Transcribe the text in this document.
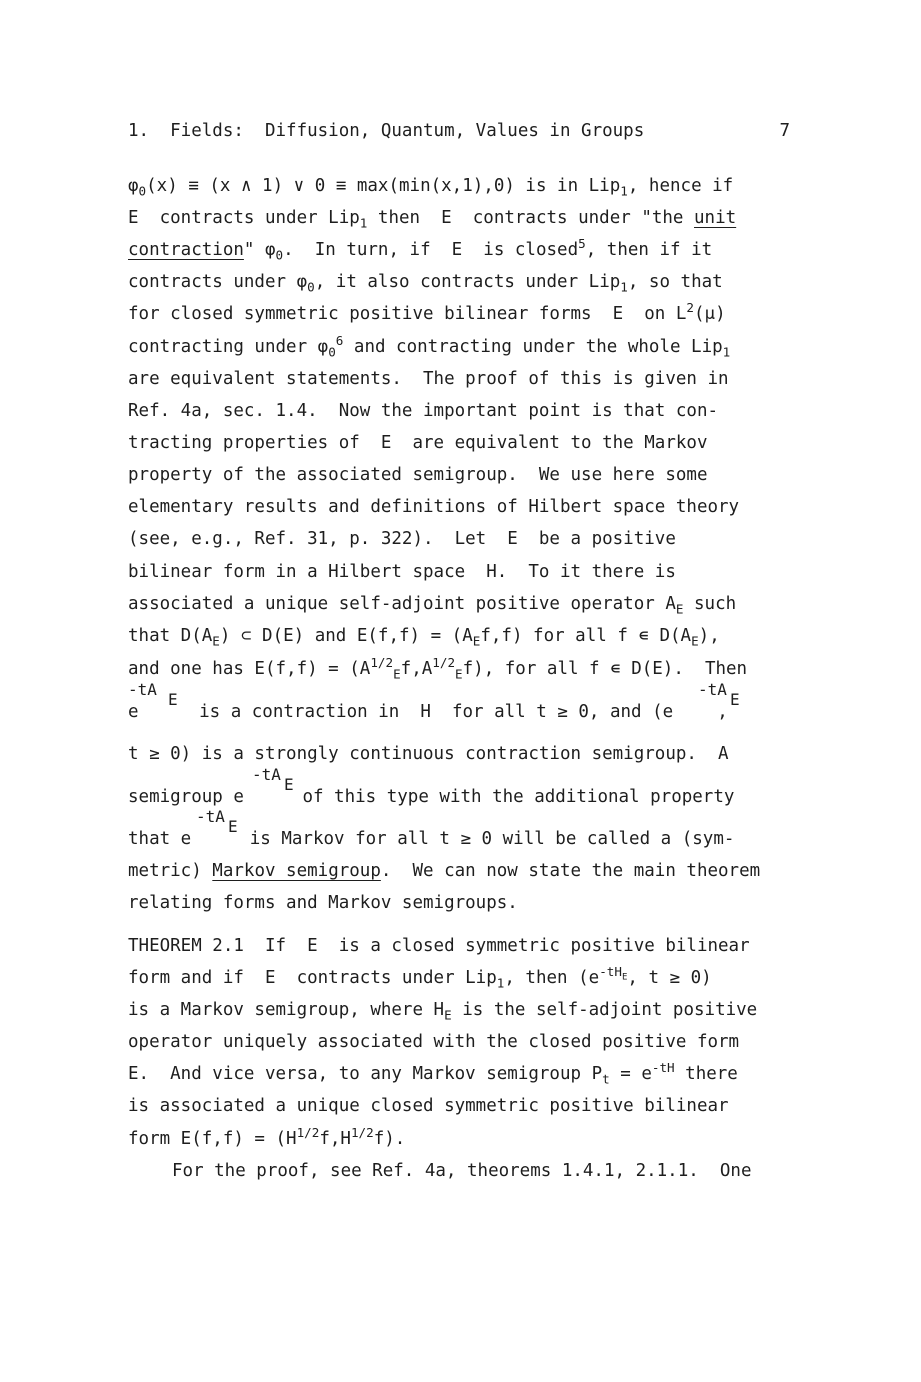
1.  Fields:  Diffusion, Quantum, Values in Groups	7
$\varphi_0(x) \equiv (x$ ∧ 1) ∨ 0 ≡ max(min(x,1),0) is in Lip$_1$, hence if
E  contracts under Lip$_1$ then  E  contracts under "the unit
contraction" $\varphi_0$.  In turn, if  E  is closed$^5$, then if it
contracts under $\varphi_0$, it also contracts under Lip$_1$, so that
for closed symmetric positive bilinear forms  E  on $L^2(\mu)$
contracting under $\varphi_0^6$ and contracting under the whole Lip$_1$
are equivalent statements.  The proof of this is given in
Ref. 4a, sec. 1.4.  Now the important point is that con-
tracting properties of  E  are equivalent to the Markov
property of the associated semigroup.  We use here some
elementary results and definitions of Hilbert space theory
(see, e.g., Ref. 31, p. 322).  Let  E  be a positive
bilinear form in a Hilbert space  H.  To it there is
associated a unique self-adjoint positive operator $A_E$ such
that $D(A_E)$ ⊂ D(E) and $E(f,f) = (A_Ef,f)$ for all f ∊ $D(A_E)$,
and one has $E(f,f) = (A^{1/2}_Ef,A^{1/2}_Ef)$, for all f ∊ D(E).  Then

-tA

E

-tA

E

e	is a contraction in  H  for all t ≥ 0, and (e	,
t ≥ 0) is a strongly continuous contraction semigroup.  A

-tA

E

semigroup e	of this type with the additional property

-tA

E

that e	is Markov for all t ≥ 0 will be called a (sym-
metric) Markov semigroup.  We can now state the main theorem
relating forms and Markov semigroups.
THEOREM 2.1  If  E  is a closed symmetric positive bilinear
form and if  E  contracts under Lip$_1$, then ($e^{-tH_E}$, t ≥ 0)
is a Markov semigroup, where $H_E$ is the self-adjoint positive
operator uniquely associated with the closed positive form
E.  And vice versa, to any Markov semigroup $P_t = e^{-tH}$ there
is associated a unique closed symmetric positive bilinear
form $E(f,f) = (H^{1/2}f,H^{1/2}f)$.
For the proof, see Ref. 4a, theorems 1.4.1, 2.1.1.  One
